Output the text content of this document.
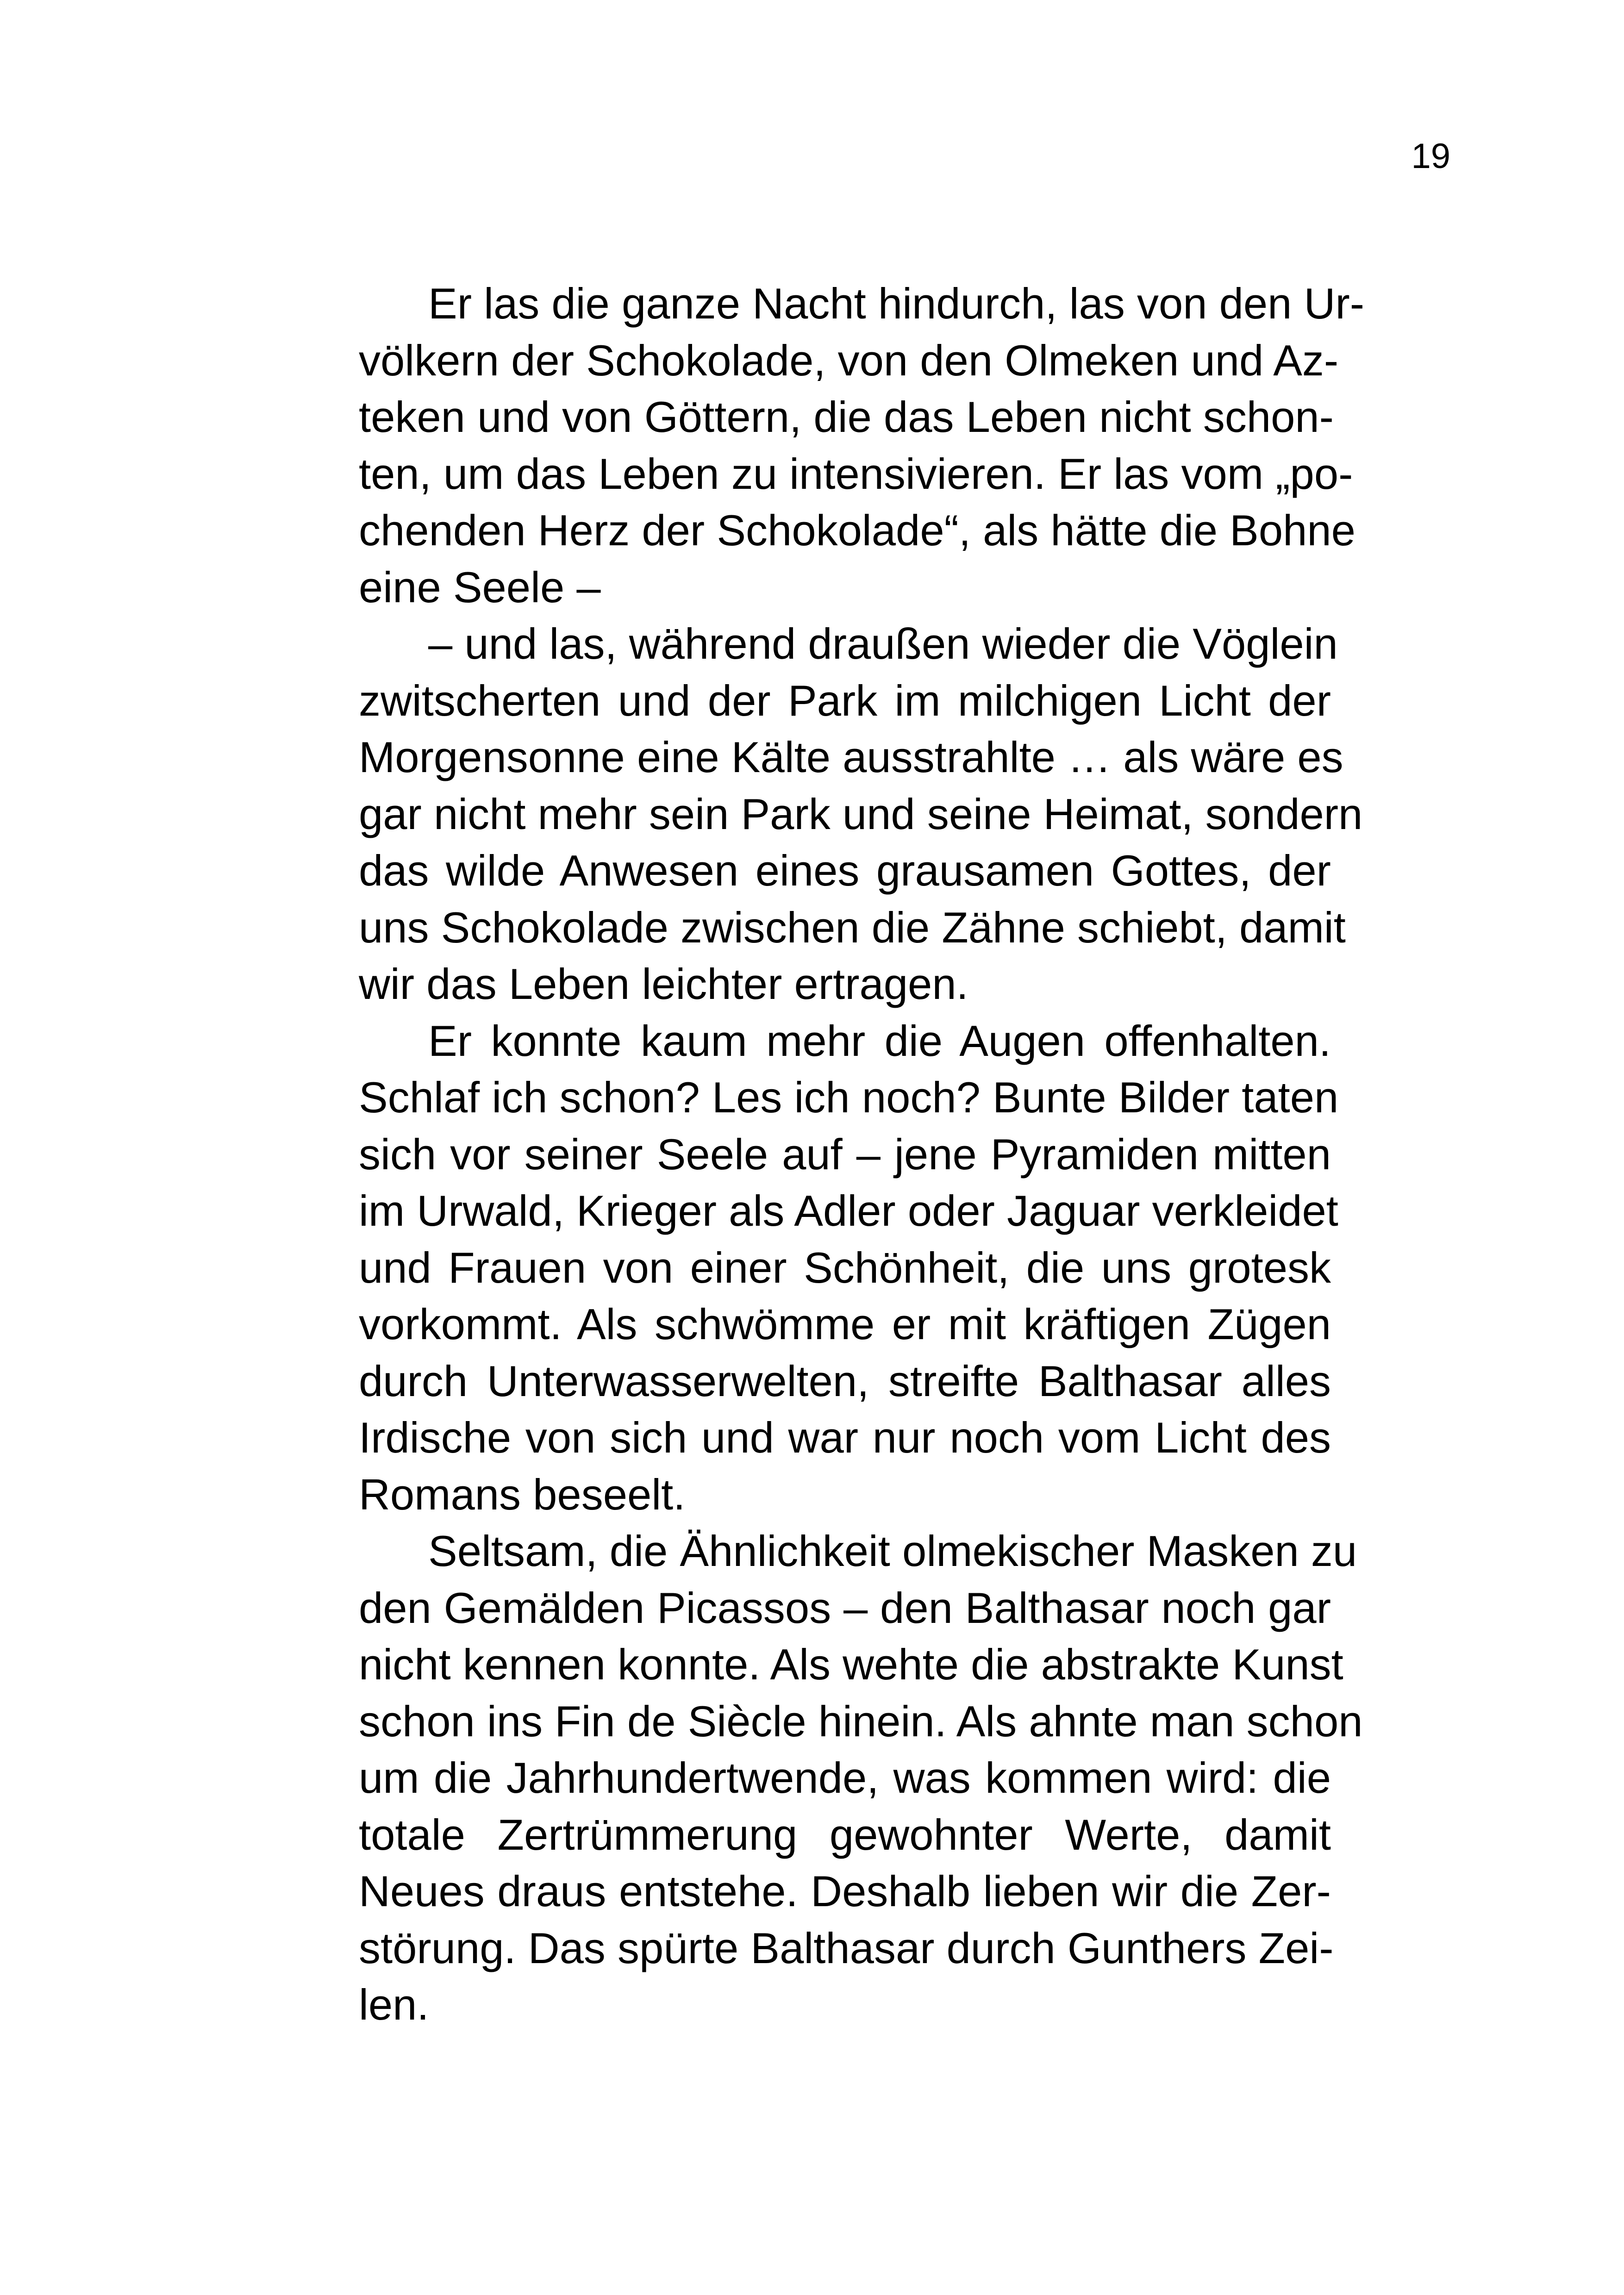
19
Er las die ganze Nacht hindurch, las von den Ur-
völkern der Schokolade, von den Olmeken und Az-
teken und von Göttern, die das Leben nicht schon-
ten, um das Leben zu intensivieren. Er las vom „po-
chenden Herz der Schokolade“, als hätte die Bohne
eine Seele –
– und las, während draußen wieder die Vöglein
zwitscherten und der Park im milchigen Licht der
Morgensonne eine Kälte ausstrahlte … als wäre es
gar nicht mehr sein Park und seine Heimat, sondern
das wilde Anwesen eines grausamen Gottes, der
uns Schokolade zwischen die Zähne schiebt, damit
wir das Leben leichter ertragen.
Er konnte kaum mehr die Augen offenhalten.
Schlaf ich schon? Les ich noch? Bunte Bilder taten
sich vor seiner Seele auf – jene Pyramiden mitten
im Urwald, Krieger als Adler oder Jaguar verkleidet
und Frauen von einer Schönheit, die uns grotesk
vorkommt. Als schwömme er mit kräftigen Zügen
durch Unterwasserwelten, streifte Balthasar alles
Irdische von sich und war nur noch vom Licht des
Romans beseelt.
Seltsam, die Ähnlichkeit olmekischer Masken zu
den Gemälden Picassos – den Balthasar noch gar
nicht kennen konnte. Als wehte die abstrakte Kunst
schon ins Fin de Siècle hinein. Als ahnte man schon
um die Jahrhundertwende, was kommen wird: die
totale Zertrümmerung gewohnter Werte, damit
Neues draus entstehe. Deshalb lieben wir die Zer-
störung. Das spürte Balthasar durch Gunthers Zei-
len.
